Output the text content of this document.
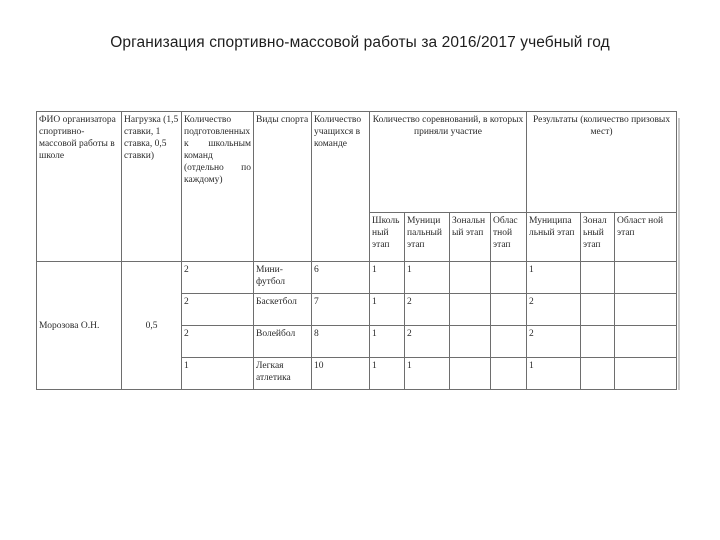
Организация спортивно-массовой работы за 2016/2017 учебный год
ФИО организатора спортивно-массовой работы в школе	Нагрузка (1,5 ставки, 1 ставка, 0,5 ставки)	Количество подготовленных к школьным команд (отдельно по каждому)	Виды спорта	Количество учащихся в команде	Количество соревнований, в которых приняли участие				Результаты (количество призовых мест)		
					Школь ный этап	Муници пальный этап	Зональн ый этап	Облас тной этап	Муниципа льный этап	Зонал ьный этап	Област ной этап
Морозова О.Н.	0,5	2	Мини-футбол	6	1	1			1		
		2	Баскетбол	7	1	2			2		
		2	Волейбол	8	1	2			2		
		1	Легкая атлетика	10	1	1			1		
